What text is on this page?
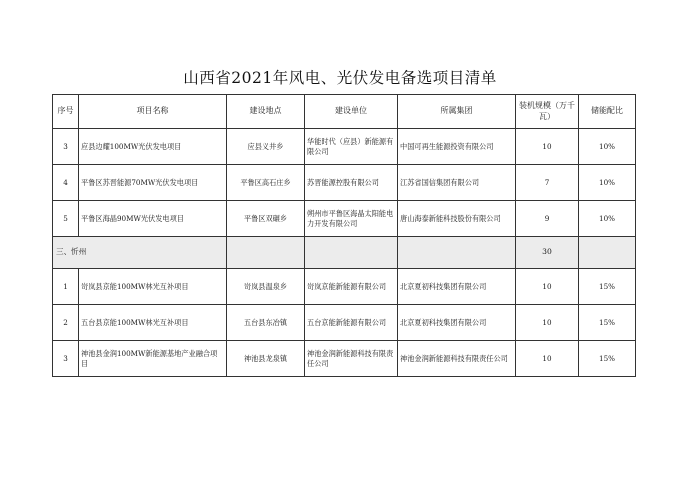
山西省2021年风电、光伏发电备选项目清单
序号	项目名称	建设地点	建设单位	所属集团	装机规模（万千瓦）	储能配比
3	应县边耀100MW光伏发电项目	应县义井乡	华能时代（应县）新能源有限公司	中国可再生能源投资有限公司	10	10%
4	平鲁区苏晋能源70MW光伏发电项目	平鲁区高石庄乡	苏晋能源控股有限公司	江苏省国信集团有限公司	7	10%
5	平鲁区海晶90MW光伏发电项目	平鲁区双碾乡	朔州市平鲁区海晶太阳能电力开发有限公司	唐山海泰新能科技股份有限公司	9	10%
三、忻州					30	
1	岢岚县京能100MW林光互补项目	岢岚县温泉乡	岢岚京能新能源有限公司	北京夏初科技集团有限公司	10	15%
2	五台县京能100MW林光互补项目	五台县东冶镇	五台京能新能源有限公司	北京夏初科技集团有限公司	10	15%
3	神池县金润100MW新能源基地产业融合项目	神池县龙泉镇	神池金润新能源科技有限责任公司	神池金润新能源科技有限责任公司	10	15%
